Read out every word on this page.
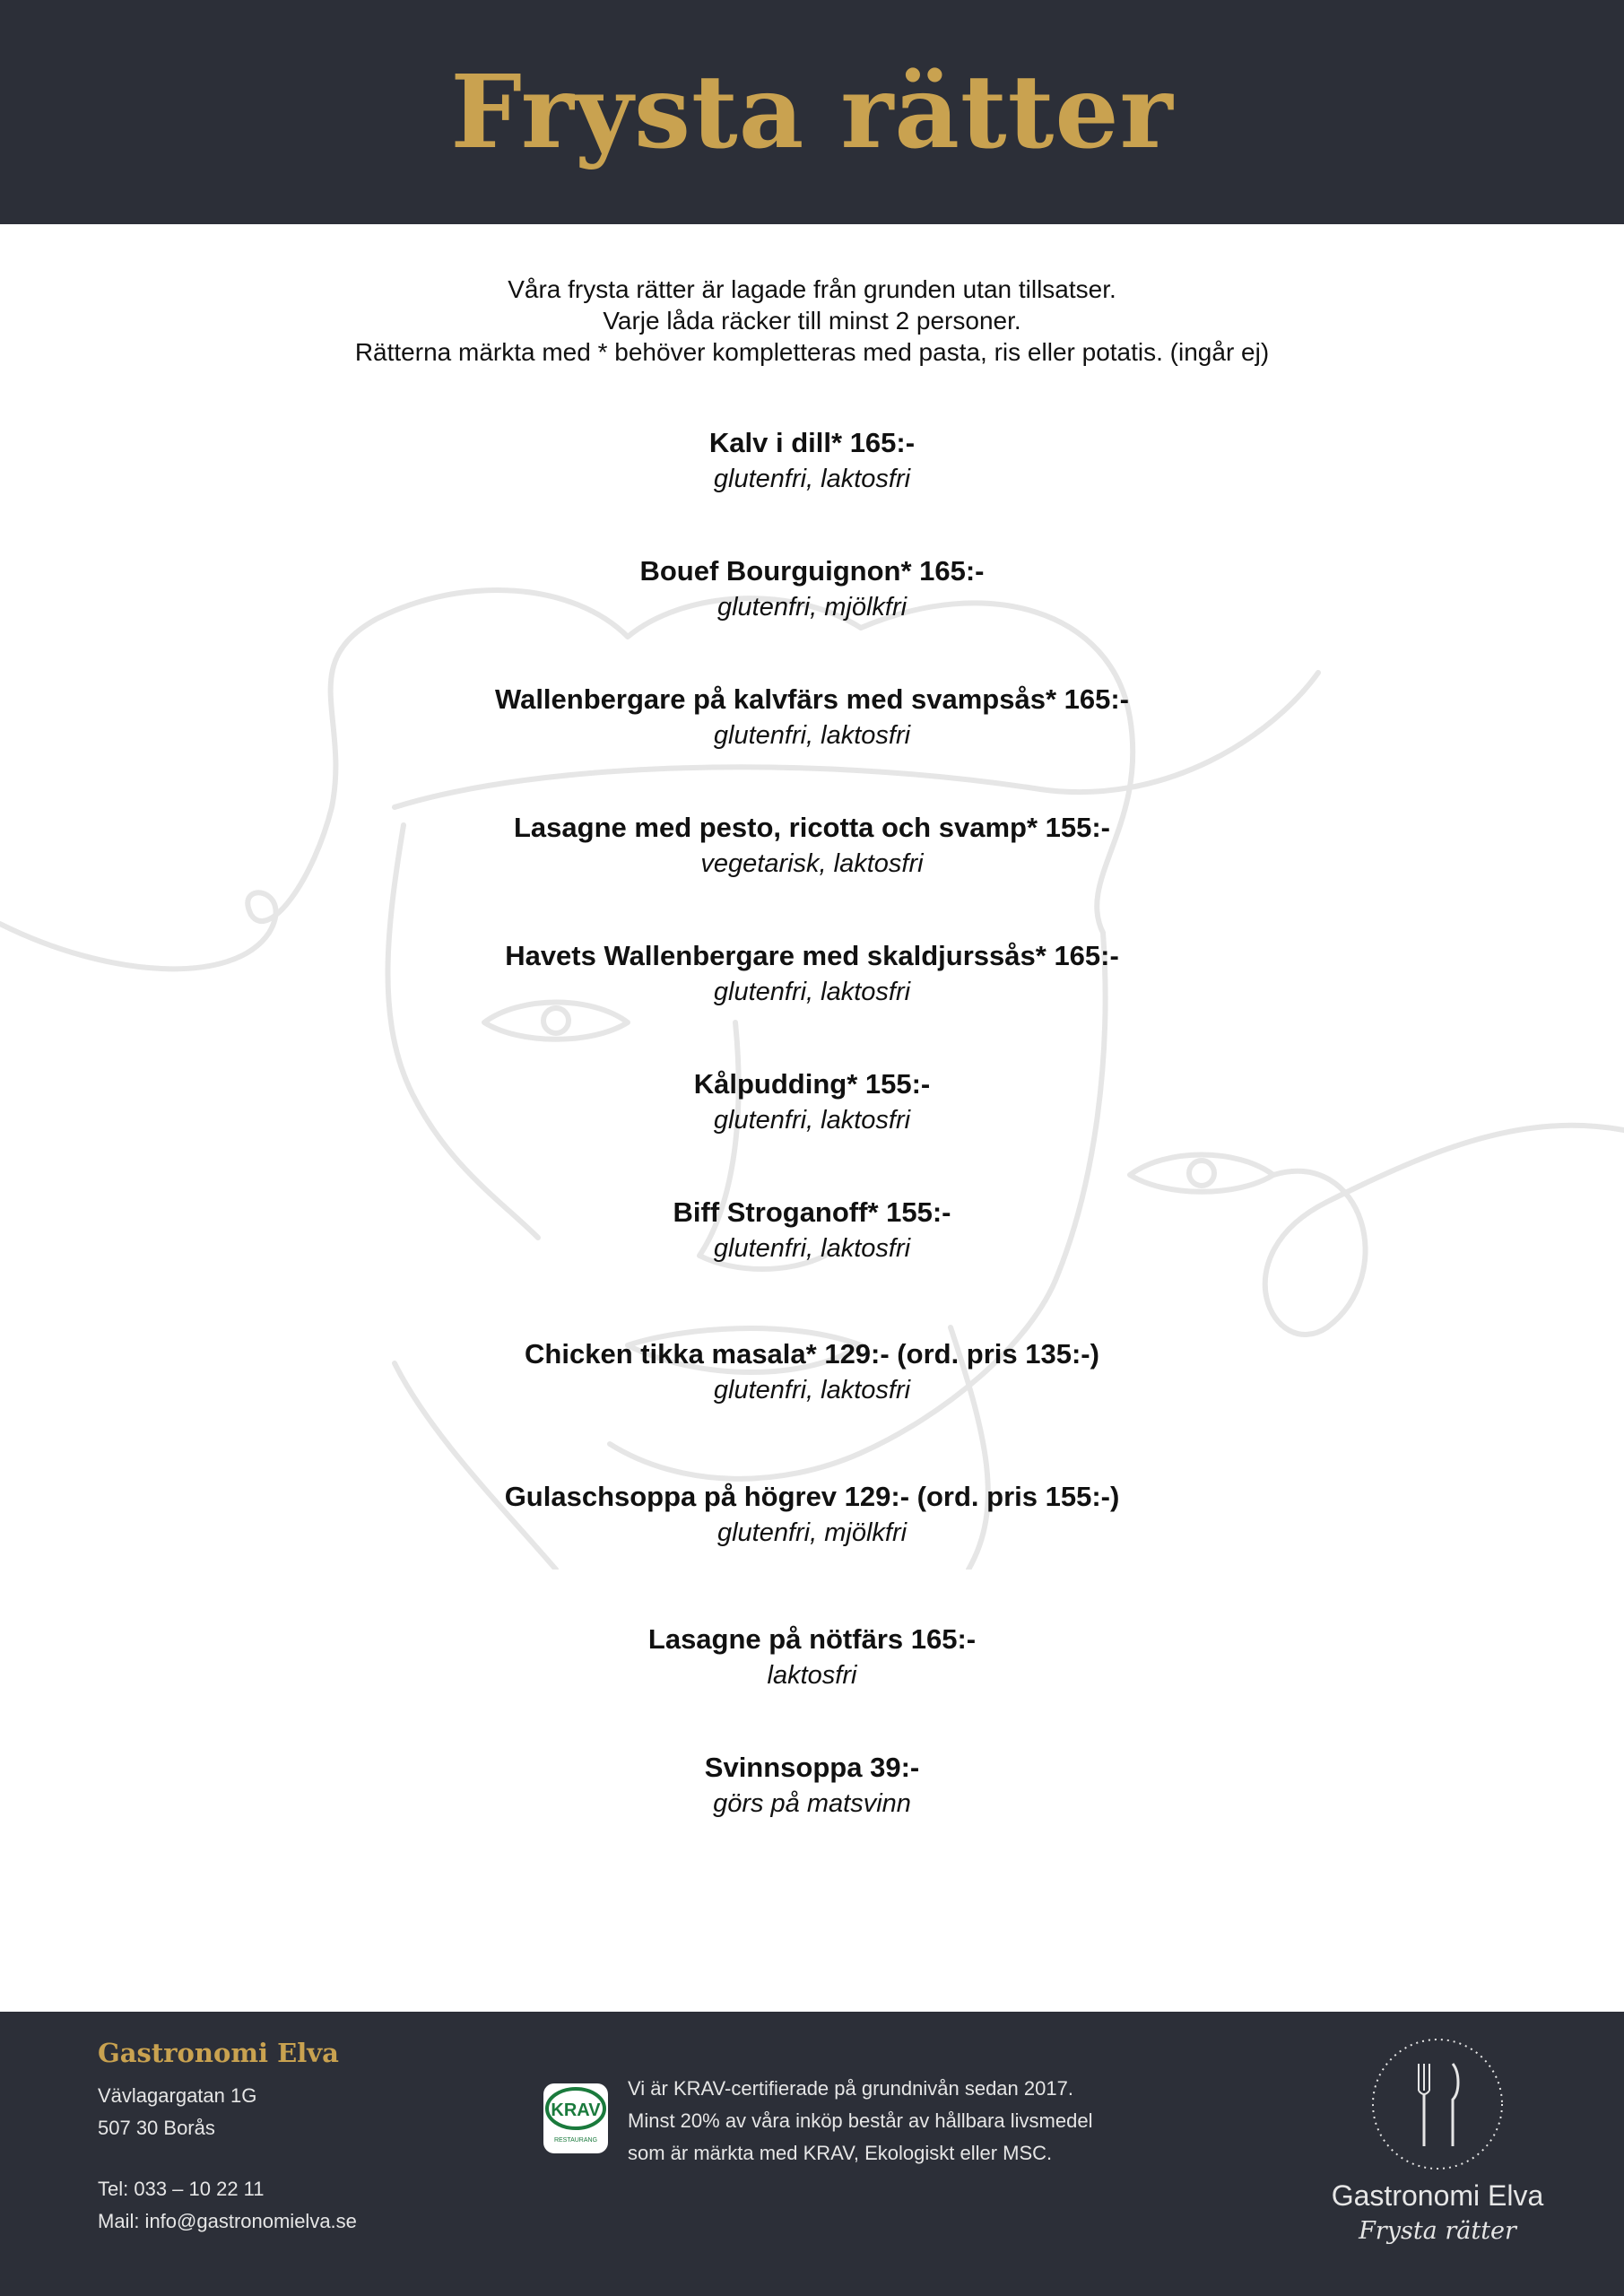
Frysta rätter
Våra frysta rätter är lagade från grunden utan tillsatser.
Varje låda räcker till minst 2 personer.
Rätterna märkta med * behöver kompletteras med pasta, ris eller potatis. (ingår ej)
Kalv i dill* 165:-
glutenfri, laktosfri
Bouef Bourguignon* 165:-
glutenfri, mjölkfri
Wallenbergare på kalvfärs med svampsås* 165:-
glutenfri, laktosfri
Lasagne med pesto, ricotta och svamp* 155:-
vegetarisk, laktosfri
Havets Wallenbergare med skaldjurssås* 165:-
glutenfri, laktosfri
Kålpudding* 155:-
glutenfri, laktosfri
Biff Stroganoff* 155:-
glutenfri, laktosfri
Chicken tikka masala* 129:- (ord. pris 135:-)
glutenfri, laktosfri
Gulaschsoppa på högrev 129:- (ord. pris 155:-)
glutenfri, mjölkfri
Lasagne på nötfärs 165:-
laktosfri
Svinnsoppa 39:-
görs på matsvinn
Gastronomi Elva
Vävlagargatan 1G
507 30 Borås
Tel: 033 – 10 22 11
Mail: info@gastronomielva.se
KRAV
RESTAURANG
Vi är KRAV-certifierade på grundnivån sedan 2017.
Minst 20% av våra inköp består av hållbara livsmedel
som är märkta med KRAV, Ekologiskt eller MSC.
Gastronomi Elva
Frysta rätter
